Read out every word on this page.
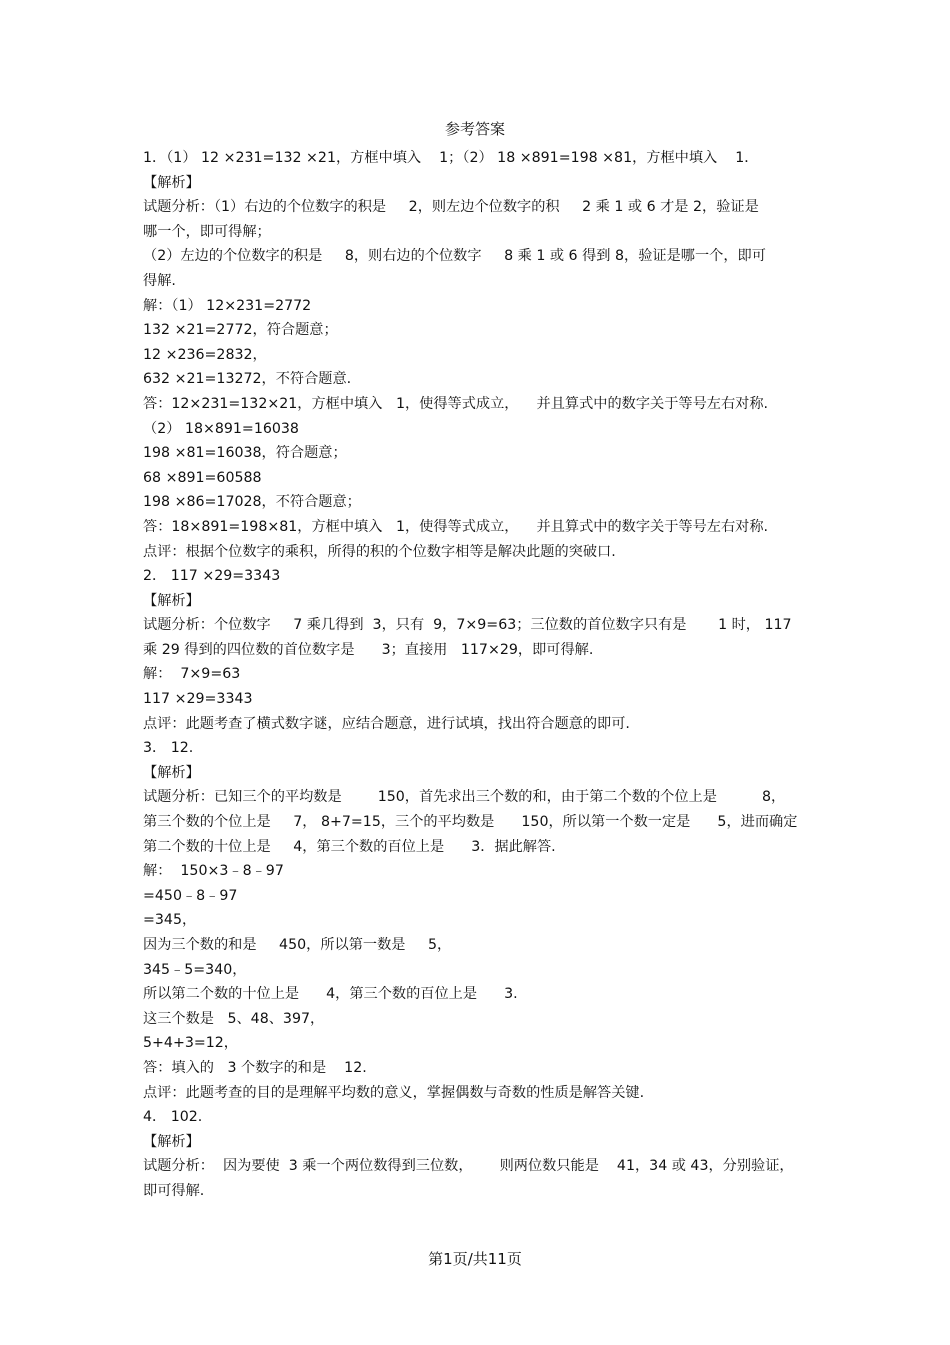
参考答案
1．（1） 12 ×231=132 ×21，方框中填入    1；（2） 18 ×891=198 ×81，方框中填入    1．
【解析】
试题分析：（1）右边的个位数字的积是     2，则左边个位数字的积     2 乘 1 或 6 才是 2，验证是
哪一个，即可得解；
（2）左边的个位数字的积是     8，则右边的个位数字     8 乘 1 或 6 得到 8，验证是哪一个，即可
得解.
解：（1） 12×231=2772
132 ×21=2772，符合题意；
12 ×236=2832，
632 ×21=13272，不符合题意.
答：12×231=132×21，方框中填入   1，使得等式成立，    并且算式中的数字关于等号左右对称.
（2） 18×891=16038
198 ×81=16038，符合题意；
68 ×891=60588
198 ×86=17028，不符合题意；
答：18×891=198×81，方框中填入   1，使得等式成立，    并且算式中的数字关于等号左右对称.
点评：根据个位数字的乘积，所得的积的个位数字相等是解决此题的突破口.
2． 117 ×29=3343
【解析】
试题分析：个位数字     7 乘几得到  3，只有  9，7×9=63；三位数的首位数字只有是       1 时， 117
乘 29 得到的四位数的首位数字是      3；直接用   117×29，即可得解.
解：  7×9=63
117 ×29=3343
点评：此题考查了横式数字谜，应结合题意，进行试填，找出符合题意的即可.
3． 12.
【解析】
试题分析：已知三个的平均数是        150，首先求出三个数的和，由于第二个数的个位上是          8，
第三个数的个位上是     7， 8+7=15，三个的平均数是      150，所以第一个数一定是      5，进而确定
第二个数的十位上是     4，第三个数的百位上是      3．据此解答.
解：  150×3﹣8﹣97
=450﹣8﹣97
=345，
因为三个数的和是     450，所以第一数是     5，
345﹣5=340，
所以第二个数的十位上是      4，第三个数的百位上是      3.
这三个数是   5、48、397，
5+4+3=12，
答：填入的   3 个数字的和是    12.
点评：此题考查的目的是理解平均数的意义，掌握偶数与奇数的性质是解答关键.
4． 102.
【解析】
试题分析：  因为要使  3 乘一个两位数得到三位数，      则两位数只能是    41，34 或 43，分别验证，
即可得解.
第1页/共11页
